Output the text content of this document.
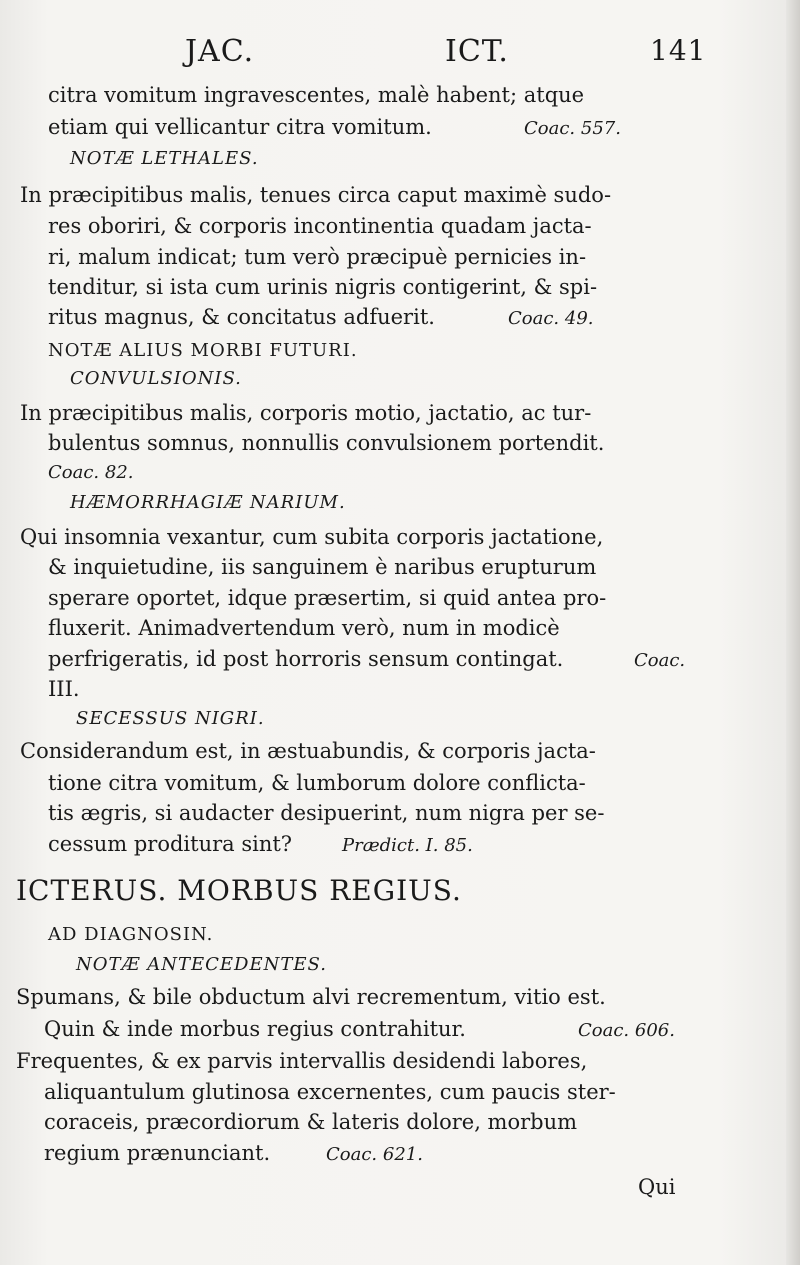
JAC.	ICT.	141
citra vomitum ingravescentes, malè habent; atque
etiam qui vellicantur citra vomitum.	Coac. 557.
NOTÆ LETHALES.
In præcipitibus malis, tenues circa caput maximè sudo-
res oboriri, & corporis incontinentia quadam jacta-
ri, malum indicat; tum verò præcipuè pernicies in-
tenditur, si ista cum urinis nigris contigerint, & spi-
ritus magnus, & concitatus adfuerit.	Coac. 49.
NOTÆ ALIUS MORBI FUTURI.
CONVULSIONIS.
In præcipitibus malis, corporis motio, jactatio, ac tur-
bulentus somnus, nonnullis convulsionem portendit.
Coac. 82.
HÆMORRHAGIÆ NARIUM.
Qui insomnia vexantur, cum subita corporis jactatione,
& inquietudine, iis sanguinem è naribus erupturum
sperare oportet, idque præsertim, si quid antea pro-
fluxerit. Animadvertendum verò, num in modicè
perfrigeratis, id post horroris sensum contingat.	Coac.
III.
SECESSUS NIGRI.
Considerandum est, in æstuabundis, & corporis jacta-
tione citra vomitum, & lumborum dolore conflicta-
tis ægris, si audacter desipuerint, num nigra per se-
cessum proditura sint?	Prædict. I. 85.
ICTERUS. MORBUS REGIUS.
AD DIAGNOSIN.
NOTÆ ANTECEDENTES.
Spumans, & bile obductum alvi recrementum, vitio est.
Quin & inde morbus regius contrahitur.	Coac. 606.
Frequentes, & ex parvis intervallis desidendi labores,
aliquantulum glutinosa excernentes, cum paucis ster-
coraceis, præcordiorum & lateris dolore, morbum
regium prænunciant.	Coac. 621.
Qui
